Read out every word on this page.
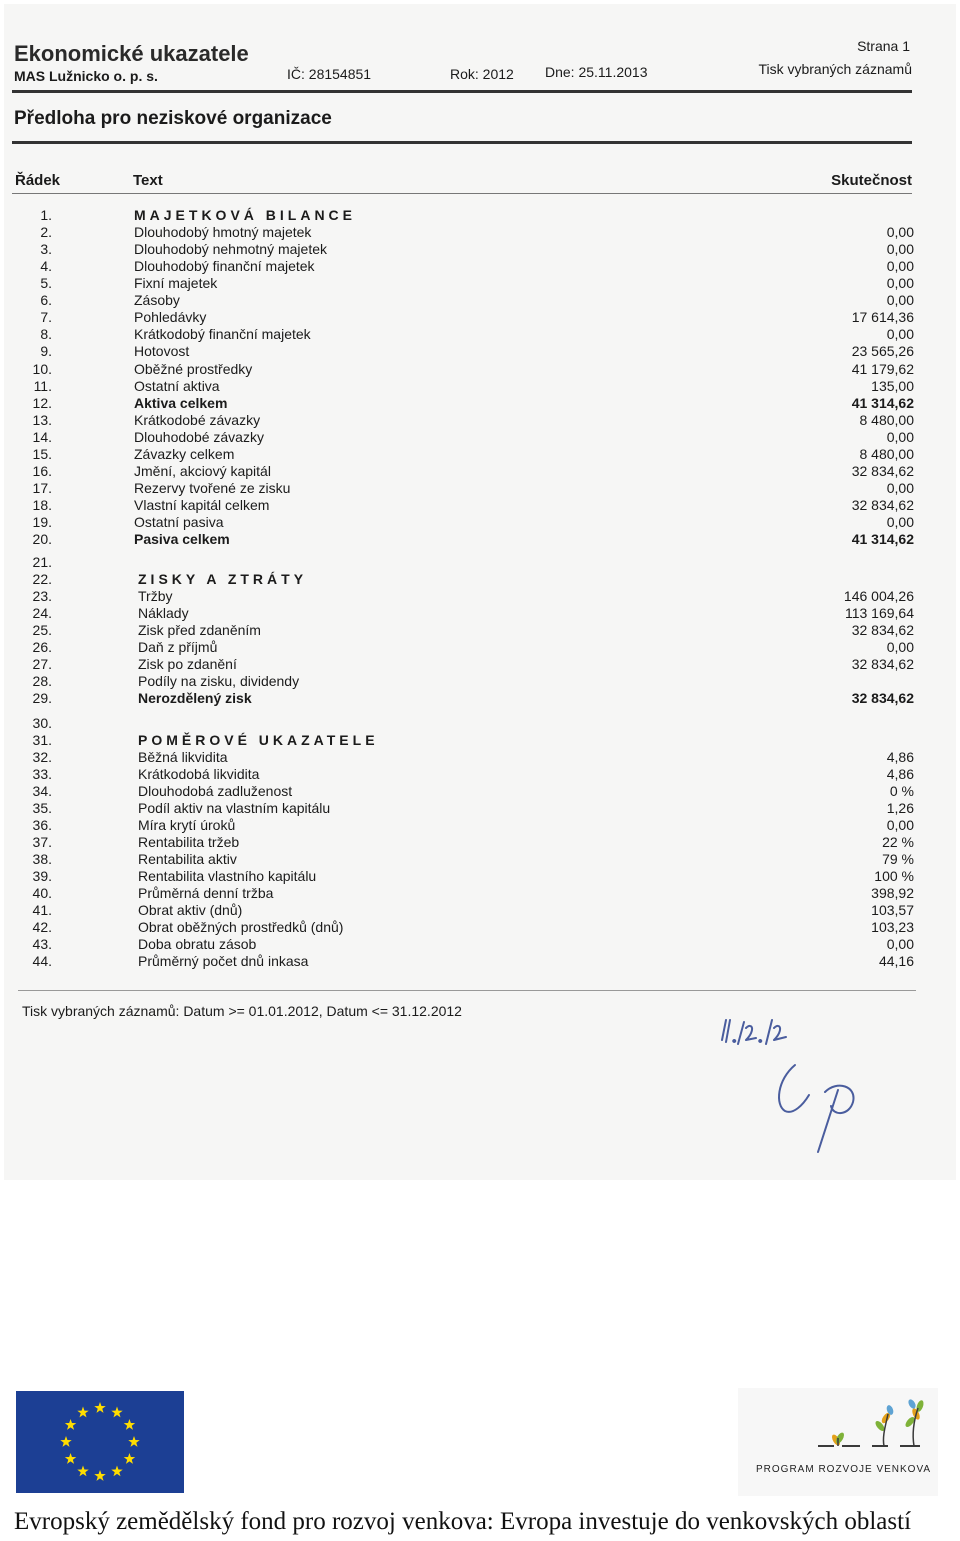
Ekonomické ukazatele
MAS Lužnicko o. p. s.	IČ: 28154851	Rok: 2012 Dne: 25.11.2013
Strana 1
Tisk vybraných záznamů
Předloha pro neziskové organizace
Řádek	Text	Skutečnost
1.	MAJETKOVÁ BILANCE
2.	Dlouhodobý hmotný majetek	0,00
3.	Dlouhodobý nehmotný majetek	0,00
4.	Dlouhodobý finanční majetek	0,00
5.	Fixní majetek	0,00
6.	Zásoby	0,00
7.	Pohledávky	17 614,36
8.	Krátkodobý finanční majetek	0,00
9.	Hotovost	23 565,26
10.	Oběžné prostředky	41 179,62
11.	Ostatní aktiva	135,00
12.	Aktiva celkem	41 314,62
13.	Krátkodobé závazky	8 480,00
14.	Dlouhodobé závazky	0,00
15.	Závazky celkem	8 480,00
16.	Jmění, akciový kapitál	32 834,62
17.	Rezervy tvořené ze zisku	0,00
18.	Vlastní kapitál celkem	32 834,62
19.	Ostatní pasiva	0,00
20.	Pasiva celkem	41 314,62
21.
22.	ZISKY A ZTRÁTY
23.	Tržby	146 004,26
24.	Náklady	113 169,64
25.	Zisk před zdaněním	32 834,62
26.	Daň z příjmů	0,00
27.	Zisk po zdanění	32 834,62
28.	Podíly na zisku, dividendy
29.	Nerozdělený zisk	32 834,62
30.
31.	POMĚROVÉ UKAZATELE
32.	Běžná likvidita	4,86
33.	Krátkodobá likvidita	4,86
34.	Dlouhodobá zadluženost	0 %
35.	Podíl aktiv na vlastním kapitálu	1,26
36.	Míra krytí úroků	0,00
37.	Rentabilita tržeb	22 %
38.	Rentabilita aktiv	79 %
39.	Rentabilita vlastního kapitálu	100 %
40.	Průměrná denní tržba	398,92
41.	Obrat aktiv (dnů)	103,57
42.	Obrat oběžných prostředků (dnů)	103,23
43.	Doba obratu zásob	0,00
44.	Průměrný počet dnů inkasa	44,16
Tisk vybraných záznamů: Datum >= 01.01.2012, Datum <= 31.12.2012
PROGRAM ROZVOJE VENKOVA
Evropský zemědělský fond pro rozvoj venkova: Evropa investuje do venkovských oblastí
